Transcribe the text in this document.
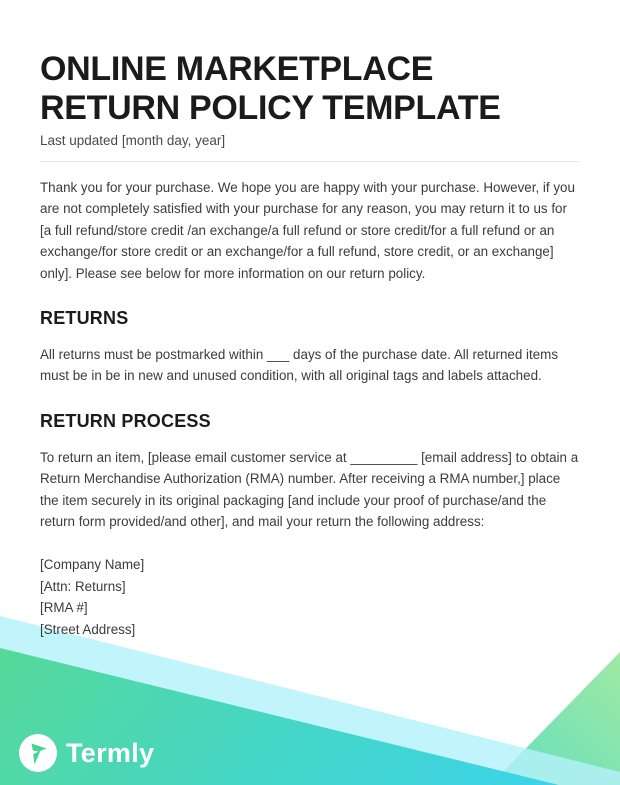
Termly
ONLINE MARKETPLACE
RETURN POLICY TEMPLATE

Last updated [month day, year]

Thank you for your purchase. We hope you are happy with your purchase. However, if you are not completely satisfied with your purchase for any reason, you may return it to us for [a full refund/store credit /an exchange/a full refund or store credit/for a full refund or an exchange/for store credit or an exchange/for a full refund, store credit, or an exchange] only]. Please see below for more information on our return policy.

RETURNS

All returns must be postmarked within ___ days of the purchase date. All returned items must be in be in new and unused condition, with all original tags and labels attached.

RETURN PROCESS

To return an item, [please email customer service at _________ [email address] to obtain a Return Merchandise Authorization (RMA) number. After receiving a RMA number,] place the item securely in its original packaging [and include your proof of purchase/and the return form provided/and other], and mail your return the following address:

[Company Name]
[Attn: Returns]
[RMA #]
[Street Address]
